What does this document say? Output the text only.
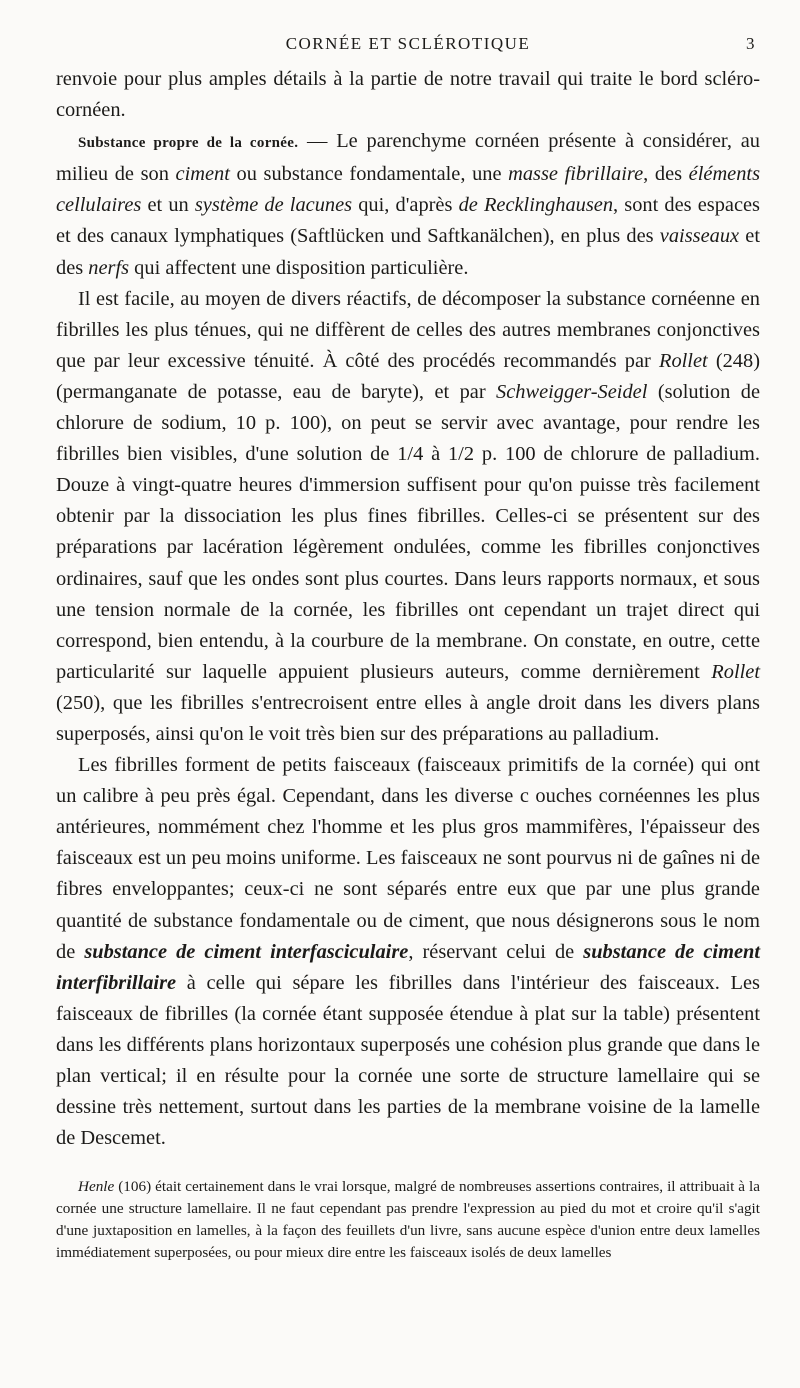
CORNÉE ET SCLÉROTIQUE	3

renvoie pour plus amples détails à la partie de notre travail qui traite le bord scléro-cornéen.

Substance propre de la cornée. — Le parenchyme cornéen présente à considérer, au milieu de son ciment ou substance fondamentale, une masse fibrillaire, des éléments cellulaires et un système de lacunes qui, d'après de Recklinghausen, sont des espaces et des canaux lymphatiques (Saftlücken und Saftkanälchen), en plus des vaisseaux et des nerfs qui affectent une disposition particulière.

Il est facile, au moyen de divers réactifs, de décomposer la substance cornéenne en fibrilles les plus ténues, qui ne diffèrent de celles des autres membranes conjonctives que par leur excessive ténuité. À côté des procédés recommandés par Rollet (248) (permanganate de potasse, eau de baryte), et par Schweigger-Seidel (solution de chlorure de sodium, 10 p. 100), on peut se servir avec avantage, pour rendre les fibrilles bien visibles, d'une solution de 1/4 à 1/2 p. 100 de chlorure de palladium. Douze à vingt-quatre heures d'immersion suffisent pour qu'on puisse très facilement obtenir par la dissociation les plus fines fibrilles. Celles-ci se présentent sur des préparations par lacération légèrement ondulées, comme les fibrilles conjonctives ordinaires, sauf que les ondes sont plus courtes. Dans leurs rapports normaux, et sous une tension normale de la cornée, les fibrilles ont cependant un trajet direct qui correspond, bien entendu, à la courbure de la membrane. On constate, en outre, cette particularité sur laquelle appuient plusieurs auteurs, comme dernièrement Rollet (250), que les fibrilles s'entrecroisent entre elles à angle droit dans les divers plans superposés, ainsi qu'on le voit très bien sur des préparations au palladium.

Les fibrilles forment de petits faisceaux (faisceaux primitifs de la cornée) qui ont un calibre à peu près égal. Cependant, dans les diverse c ouches cornéennes les plus antérieures, nommément chez l'homme et les plus gros mammifères, l'épaisseur des faisceaux est un peu moins uniforme. Les faisceaux ne sont pourvus ni de gaînes ni de fibres enveloppantes; ceux-ci ne sont séparés entre eux que par une plus grande quantité de substance fondamentale ou de ciment, que nous désignerons sous le nom de substance de ciment interfasciculaire, réservant celui de substance de ciment interfibrillaire à celle qui sépare les fibrilles dans l'intérieur des faisceaux. Les faisceaux de fibrilles (la cornée étant supposée étendue à plat sur la table) présentent dans les différents plans horizontaux superposés une cohésion plus grande que dans le plan vertical; il en résulte pour la cornée une sorte de structure lamellaire qui se dessine très nettement, surtout dans les parties de la membrane voisine de la lamelle de Descemet.

Henle (106) était certainement dans le vrai lorsque, malgré de nombreuses assertions contraires, il attribuait à la cornée une structure lamellaire. Il ne faut cependant pas prendre l'expression au pied du mot et croire qu'il s'agit d'une juxtaposition en lamelles, à la façon des feuillets d'un livre, sans aucune espèce d'union entre deux lamelles immédiatement superposées, ou pour mieux dire entre les faisceaux isolés de deux lamelles
